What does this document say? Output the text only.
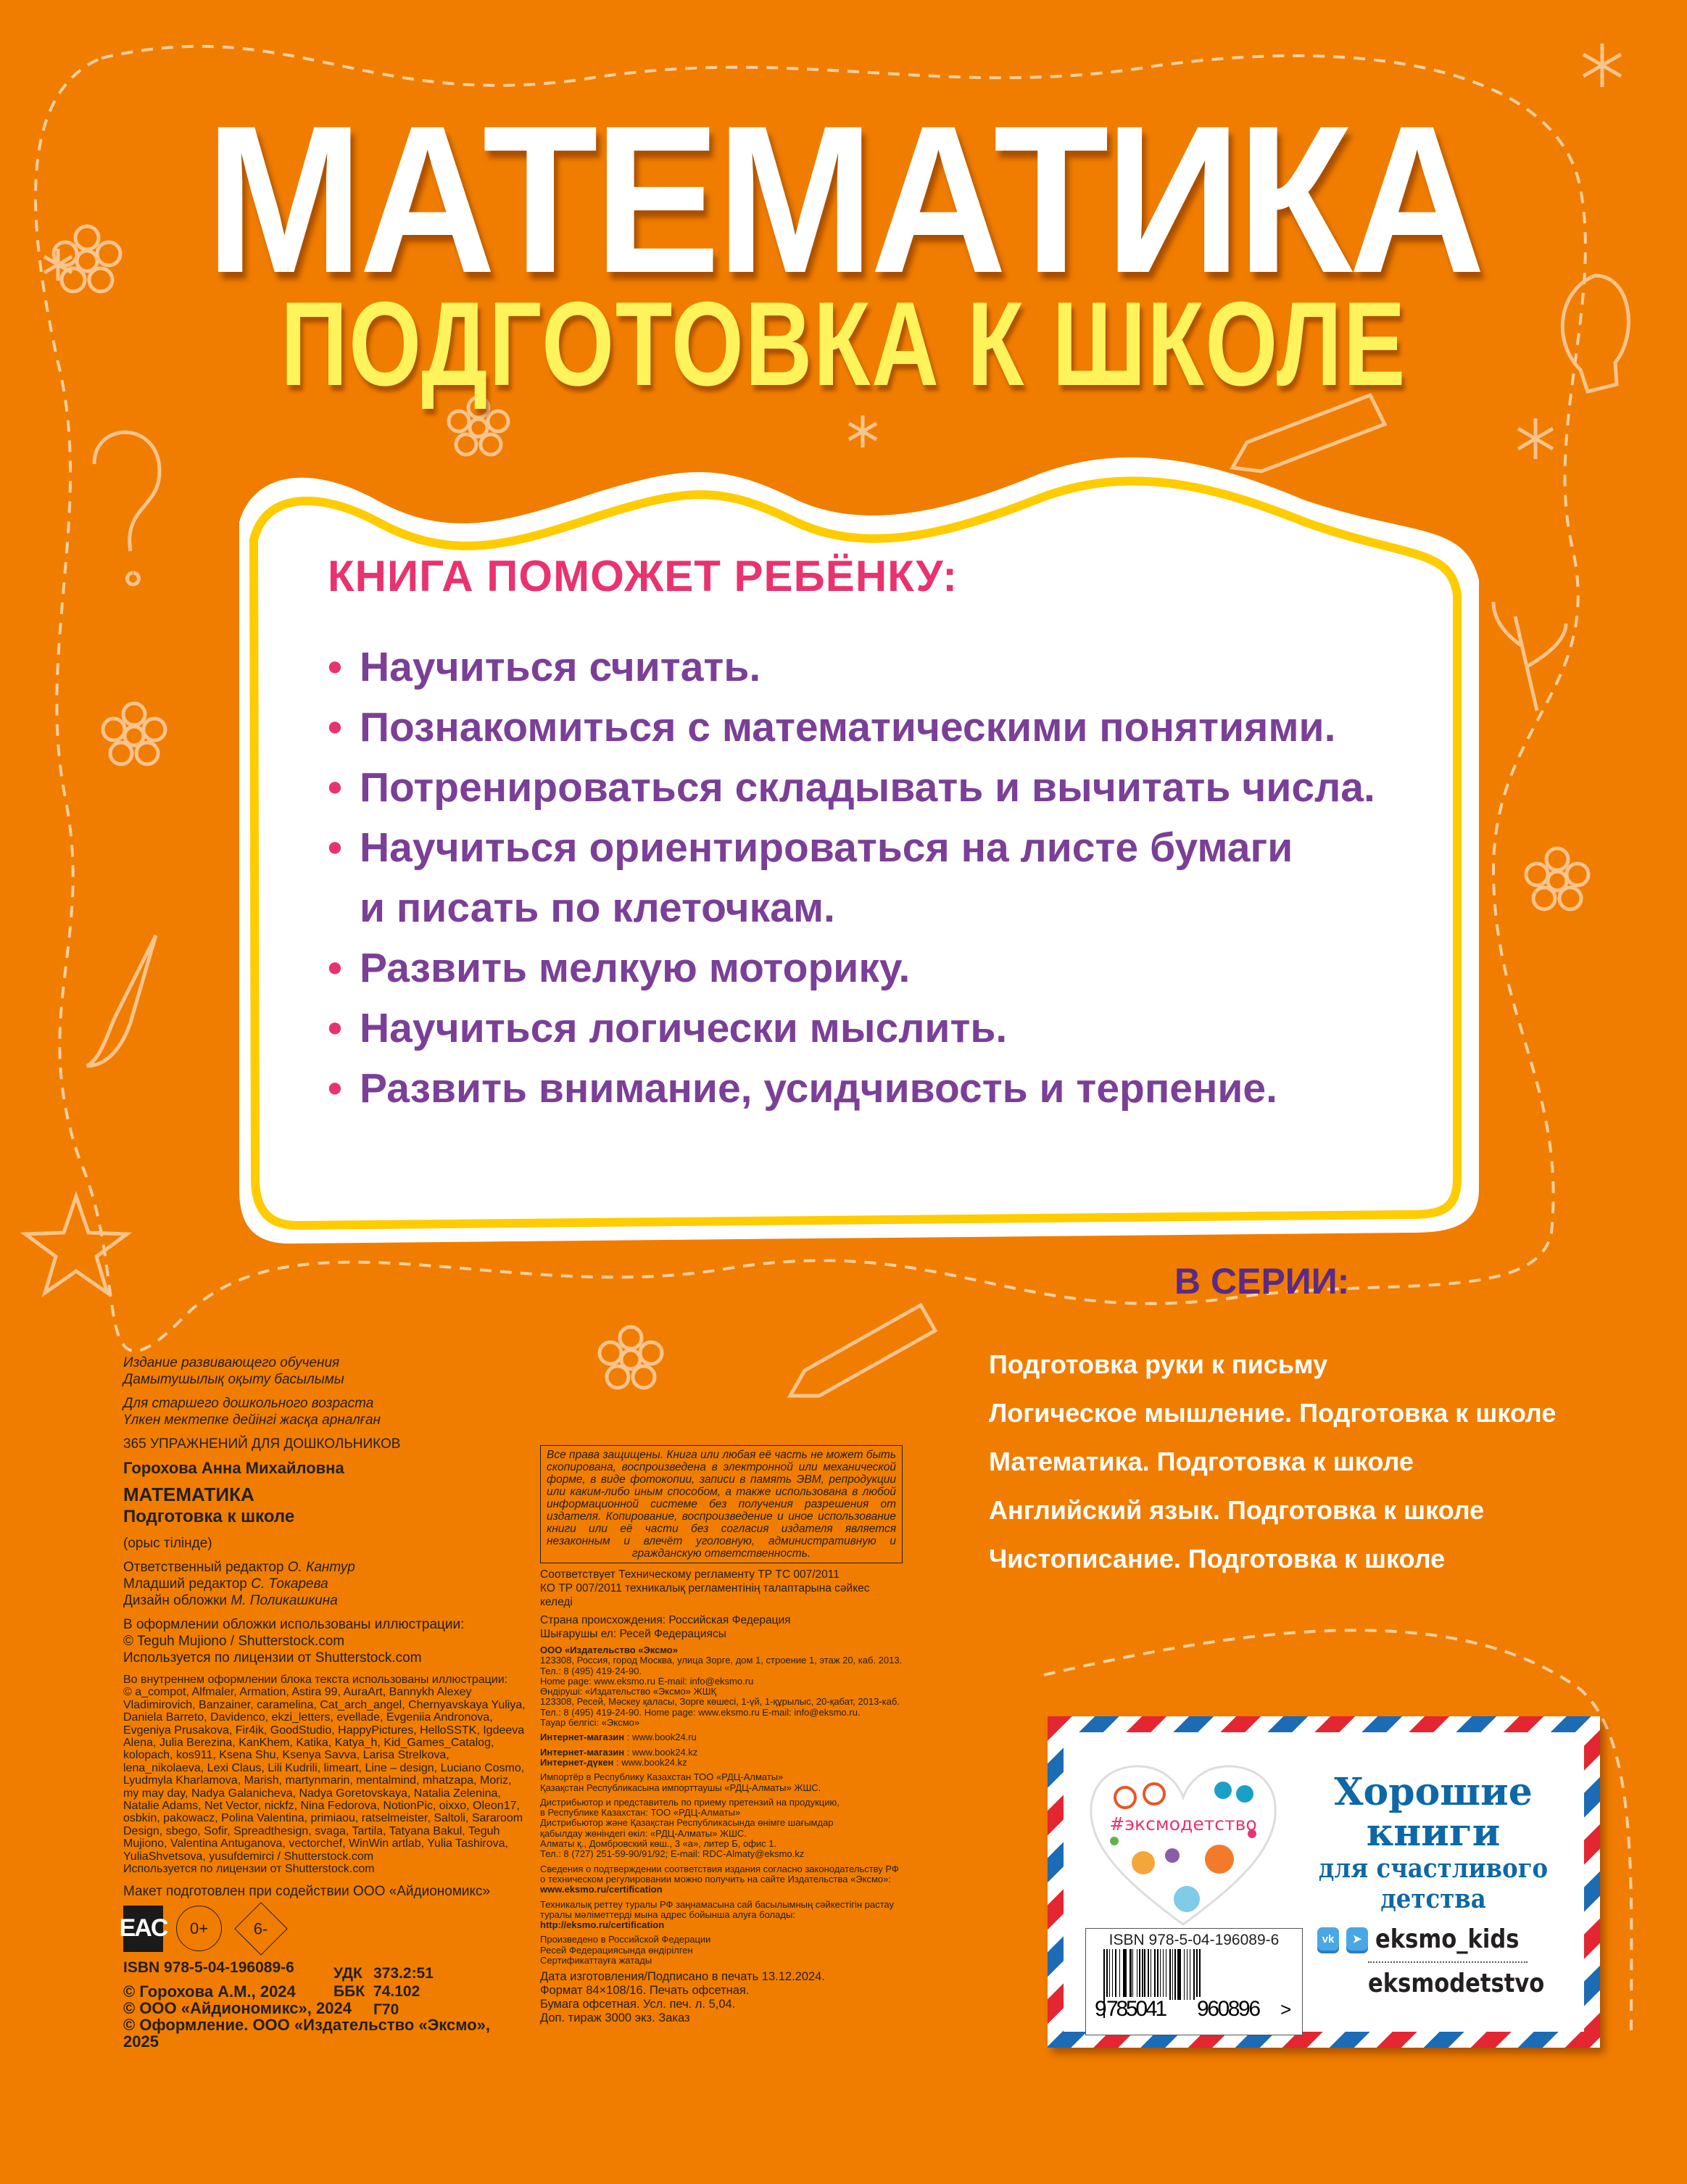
МАТЕМАТИКА
ПОДГОТОВКА К ШКОЛЕ
КНИГА ПОМОЖЕТ РЕБЁНКУ:
• Научиться считать.
• Познакомиться с математическими понятиями.
• Потренироваться складывать и вычитать числа.
• Научиться ориентироваться на листе бумаги
и писать по клеточкам.
• Развить мелкую моторику.
• Научиться логически мыслить.
• Развить внимание, усидчивость и терпение.
В СЕРИИ:
Подготовка руки к письму
Логическое мышление. Подготовка к школе
Математика. Подготовка к школе
Английский язык. Подготовка к школе
Чистописание. Подготовка к школе
Издание развивающего обучения
Дамытушылық оқыту басылымы
Для старшего дошкольного возраста
Үлкен мектепке дейінгі жасқа арналған
365 УПРАЖНЕНИЙ ДЛЯ ДОШКОЛЬНИКОВ
Горохова Анна Михайловна
МАТЕМАТИКА
Подготовка к школе
(орыс тілінде)
Ответственный редактор О. Кантур
Младший редактор С. Токарева
Дизайн обложки М. Поликашкина
В оформлении обложки использованы иллюстрации:
© Teguh Mujiono / Shutterstock.com
Используется по лицензии от Shutterstock.com
Во внутреннем оформлении блока текста использованы иллюстрации:
© a_compot, Alfmaler, Armation, Astira 99, AuraArt, Bannykh Alexey Vladimirovich, Banzainer, caramelina, Cat_arch_angel, Chernyavskaya Yuliya, Daniela Barreto, Davidenco, ekzi_letters, evellade, Evgeniia Andronova, Evgeniya Prusakova, Fir4ik, GoodStudio, HappyPictures, HelloSSTK, Igdeeva Alena, Julia Berezina, KanKhem, Katika, Katya_h, Kid_Games_Catalog, kolopach, kos911, Ksena Shu, Ksenya Savva, Larisa Strelkova, lena_nikolaeva, Lexi Claus, Lili Kudrili, limeart, Line – design, Luciano Cosmo, Lyudmyla Kharlamova, Marish, martynmarin, mentalmind, mhatzapa, Moriz, my may day, Nadya Galanicheva, Nadya Goretovskaya, Natalia Zelenina, Natalie Adams, Net Vector, nickfz, Nina Fedorova, NotionPic, oixxo, Oleon17, osbkin, pakowacz, Polina Valentina, primiaou, ratselmeister, Saltoli, Sararoom Design, sbego, Sofir, Spreadthesign, svaga, Tartila, Tatyana Bakul, Teguh Mujiono, Valentina Antuganova, vectorchef, WinWin artlab, Yulia Tashirova, YuliaShvetsova, yusufdemirci / Shutterstock.com
Используется по лицензии от Shutterstock.com
Макет подготовлен при содействии ООО «Айдиономикс»
EAC	0+	6-
ISBN 978-5-04-196089-6
© Горохова А.М., 2024
© ООО «Айдиономикс», 2024
© Оформление. ООО «Издательство «Эксмо», 2025
УДК	373.2:51
ББК	74.102
	Г70
Все права защищены. Книга или любая её часть не может быть скопирована, воспроизведена в электронной или механической форме, в виде фотокопии, записи в память ЭВМ, репродукции или каким-либо иным способом, а также использована в любой информационной системе без получения разрешения от издателя. Копирование, воспроизведение и иное использование книги или её части без согласия издателя является незаконным и влечёт уголовную, административную и гражданскую ответственность.
Соответствует Техническому регламенту ТР ТС 007/2011
КО ТР 007/2011 техникалық регламентінің талаптарына сәйкес келеді
Страна происхождения: Российская Федерация
Шығарушы ел: Ресей Федерациясы
ООО «Издательство «Эксмо»
123308, Россия, город Москва, улица Зорге, дом 1, строение 1, этаж 20, каб. 2013.
Тел.: 8 (495) 419-24-90.
Home page: www.eksmo.ru E-mail: info@eksmo.ru
Өндіруші: «Издательство «Эксмо» ЖШҚ
123308, Ресей, Мәскеу қаласы, Зорге көшесі, 1-үй, 1-құрылыс, 20-қабат, 2013-каб.
Тел.: 8 (495) 419-24-90. Home page: www.eksmo.ru E-mail: info@eksmo.ru.
Тауар белгісі: «Эксмо»
Интернет-магазин : www.book24.ru
Интернет-магазин : www.book24.kz
Интернет-дүкен : www.book24.kz
Импортёр в Республику Казахстан ТОО «РДЦ-Алматы»
Қазақстан Республикасына импорттаушы «РДЦ-Алматы» ЖШС.
Дистрибьютор и представитель по приему претензий на продукцию,
в Республике Казахстан: ТОО «РДЦ-Алматы»
Дистрибьютор және Қазақстан Республикасында өнімге шағымдар
қабылдау жөніндегі өкіл: «РДЦ-Алматы» ЖШС.
Алматы қ., Домбровский көш., 3 «а», литер Б, офис 1.
Тел.: 8 (727) 251-59-90/91/92; E-mail: RDC-Almaty@eksmo.kz
Сведения о подтверждении соответствия издания согласно законодательству РФ
о техническом регулировании можно получить на сайте Издательства «Эксмо»:
www.eksmo.ru/certification
Техникалық реттеу туралы РФ заңнамасына сай басылымның сәйкестігін растау
туралы мәліметтерді мына адрес бойынша алуға болады: http://eksmo.ru/certification
Произведено в Российской Федерации
Ресей Федерациясында өндірілген
Сертификаттауға жатады
Дата изготовления/Подписано в печать 13.12.2024.
Формат 84×108/16. Печать офсетная.
Бумага офсетная. Усл. печ. л. 5,04.
Доп. тираж 3000 экз. Заказ
#эксмодетство
ISBN 978-5-04-196089-6
9 785041 960896 >
Хорошие
книги
для счастливого
детства
vk	➤ eksmo_kids
eksmodetstvo
